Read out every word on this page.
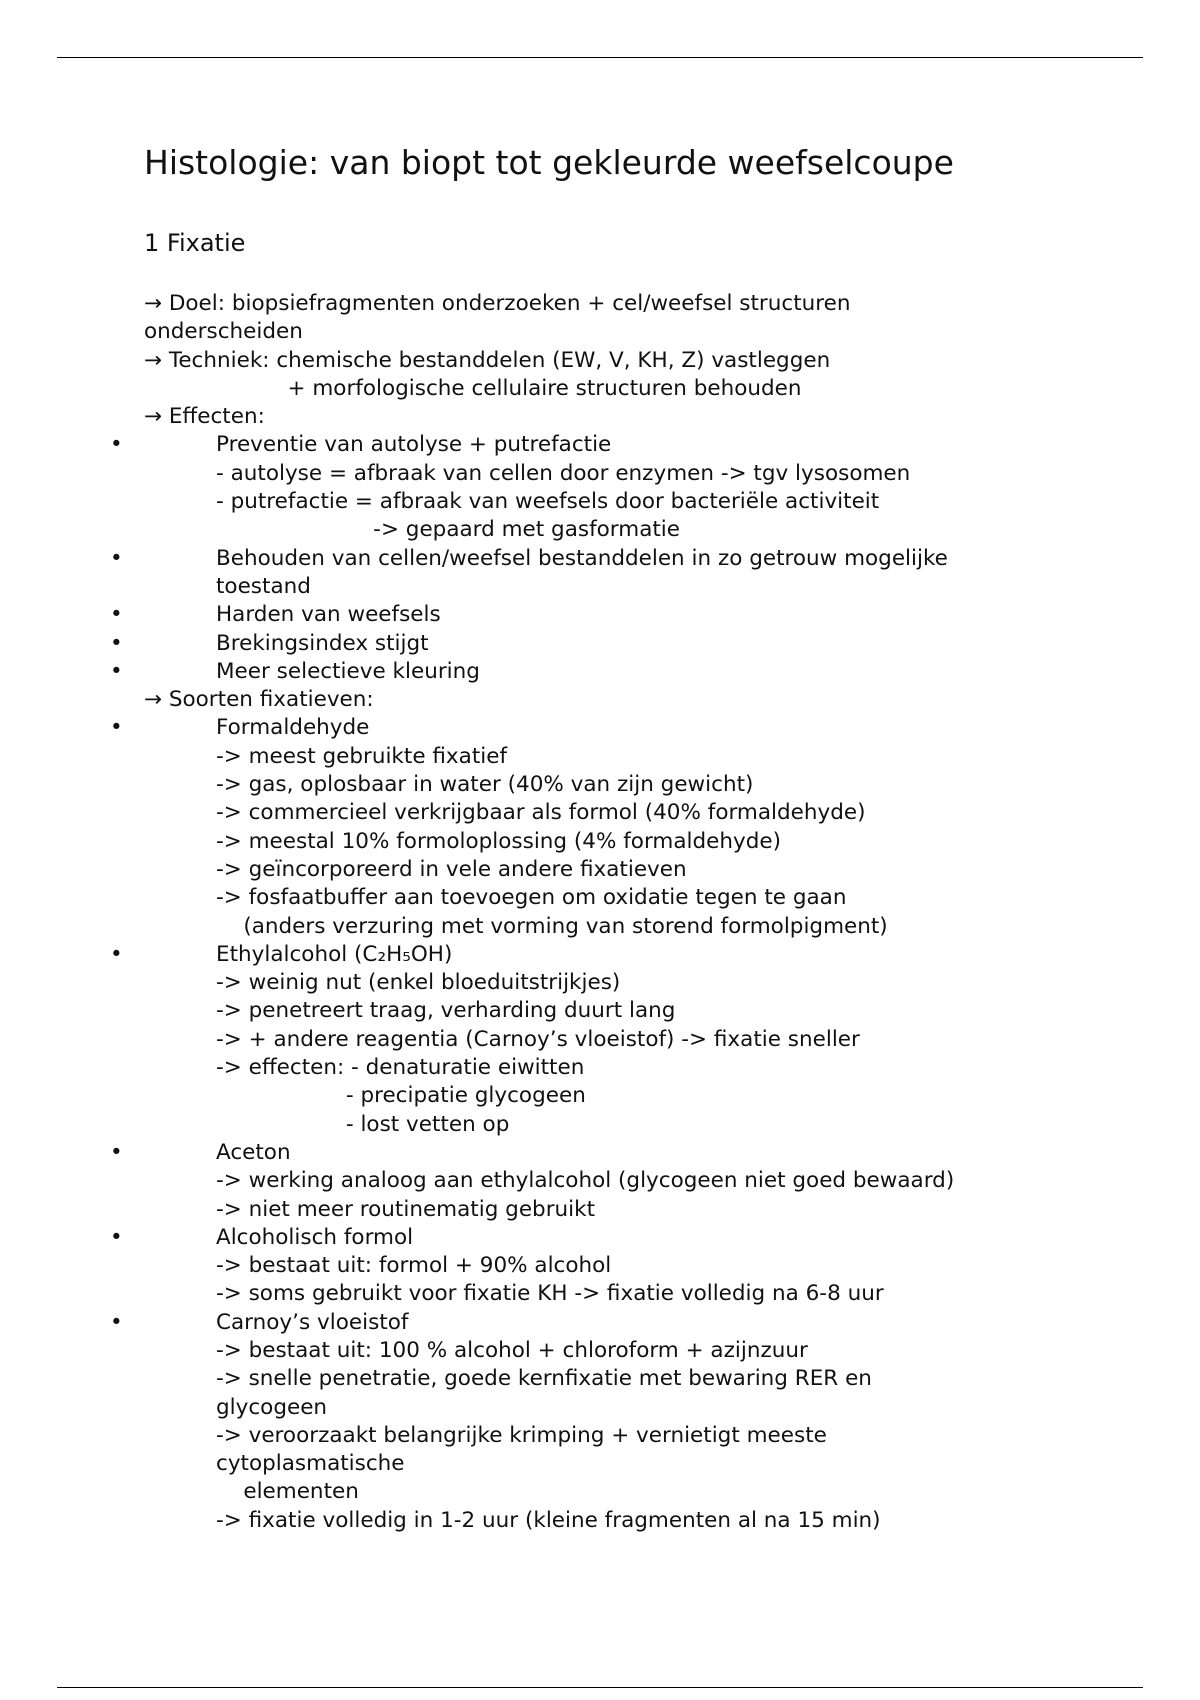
Histologie: van biopt tot gekleurde weefselcoupe
1 Fixatie
→ Doel: biopsiefragmenten onderzoeken + cel/weefsel structuren
onderscheiden
→ Techniek: chemische bestanddelen (EW, V, KH, Z) vastleggen
+ morfologische cellulaire structuren behouden
→ Effecten:
•	Preventie van autolyse + putrefactie
- autolyse = afbraak van cellen door enzymen -> tgv lysosomen
- putrefactie = afbraak van weefsels door bacteriële activiteit
-> gepaard met gasformatie
•	Behouden van cellen/weefsel bestanddelen in zo getrouw mogelijke
toestand
•	Harden van weefsels
•	Brekingsindex stijgt
•	Meer selectieve kleuring
→ Soorten fixatieven:
•	Formaldehyde
-> meest gebruikte fixatief
-> gas, oplosbaar in water (40% van zijn gewicht)
-> commercieel verkrijgbaar als formol (40% formaldehyde)
-> meestal 10% formoloplossing (4% formaldehyde)
-> geïncorporeerd in vele andere fixatieven
-> fosfaatbuffer aan toevoegen om oxidatie tegen te gaan
(anders verzuring met vorming van storend formolpigment)
•	Ethylalcohol (C₂H₅OH)
-> weinig nut (enkel bloeduitstrijkjes)
-> penetreert traag, verharding duurt lang
-> + andere reagentia (Carnoy’s vloeistof) -> fixatie sneller
-> effecten: - denaturatie eiwitten
- precipatie glycogeen
- lost vetten op
•	Aceton
-> werking analoog aan ethylalcohol (glycogeen niet goed bewaard)
-> niet meer routinematig gebruikt
•	Alcoholisch formol
-> bestaat uit: formol + 90% alcohol
-> soms gebruikt voor fixatie KH -> fixatie volledig na 6-8 uur
•	Carnoy’s vloeistof
-> bestaat uit: 100 % alcohol + chloroform + azijnzuur
-> snelle penetratie, goede kernfixatie met bewaring RER en
glycogeen
-> veroorzaakt belangrijke krimping + vernietigt meeste
cytoplasmatische
elementen
-> fixatie volledig in 1-2 uur (kleine fragmenten al na 15 min)
